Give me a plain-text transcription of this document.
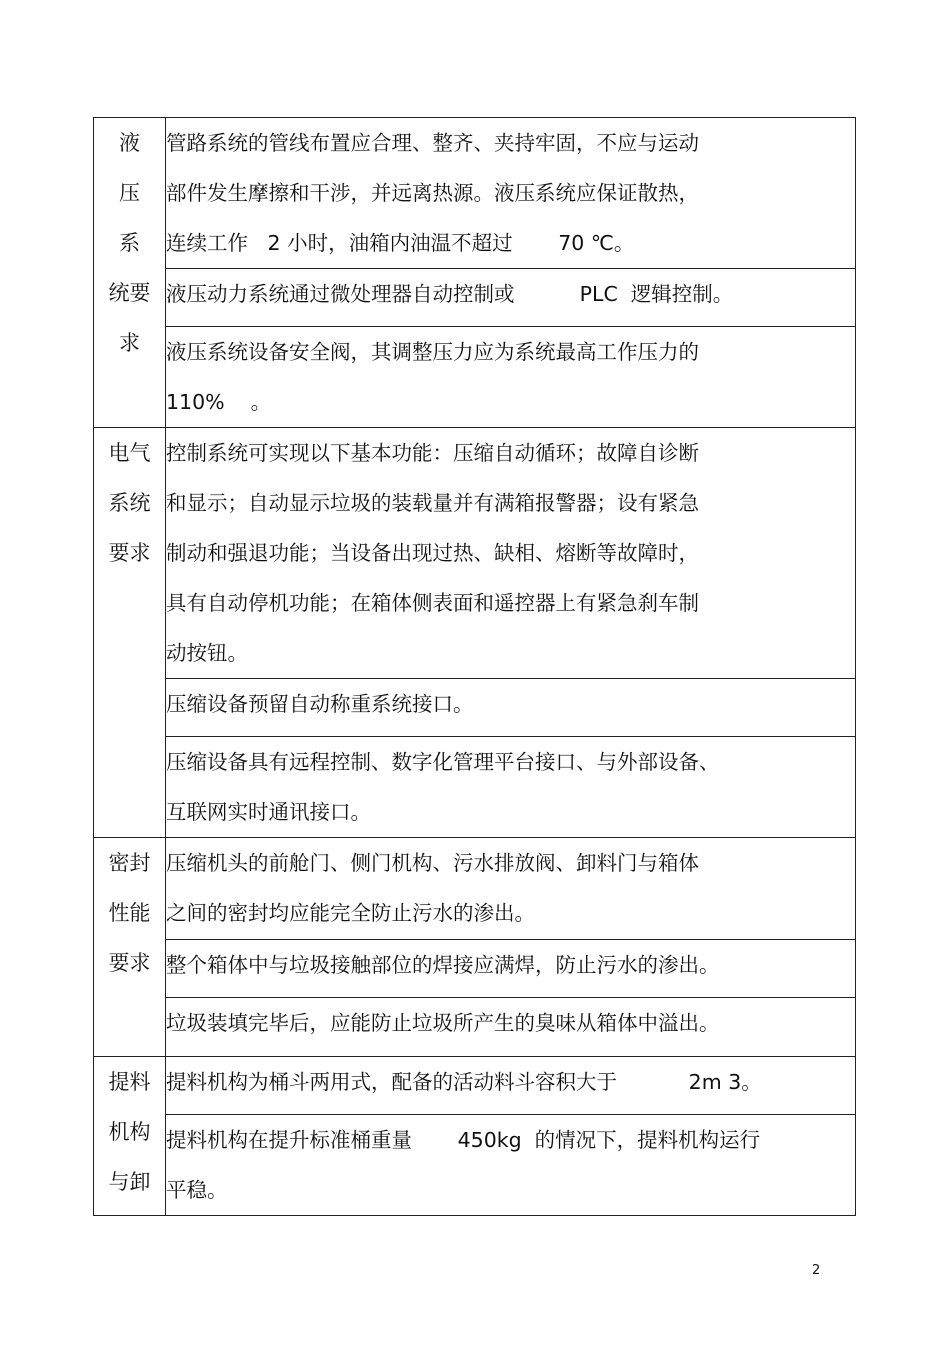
液
压
系
统要
求	管路系统的管线布置应合理、整齐、夹持牢固，不应与运动
部件发生摩擦和干涉，并远离热源。液压系统应保证散热，
连续工作   2 小时，油箱内油温不超过       70 ℃。
	液压动力系统通过微处理器自动控制或          PLC  逻辑控制。
	液压系统设备安全阀，其调整压力应为系统最高工作压力的
110%    。

电气
系统
要求	控制系统可实现以下基本功能：压缩自动循环；故障自诊断
和显示；自动显示垃圾的装载量并有满箱报警器；设有紧急
制动和强退功能；当设备出现过热、缺相、熔断等故障时，
具有自动停机功能；在箱体侧表面和遥控器上有紧急刹车制
动按钮。
	压缩设备预留自动称重系统接口。
	压缩设备具有远程控制、数字化管理平台接口、与外部设备、
互联网实时通讯接口。

密封
性能
要求	压缩机头的前舱门、侧门机构、污水排放阀、卸料门与箱体
之间的密封均应能完全防止污水的渗出。
	整个箱体中与垃圾接触部位的焊接应满焊，防止污水的渗出。
	垃圾装填完毕后，应能防止垃圾所产生的臭味从箱体中溢出。

提料
机构
与卸	提料机构为桶斗两用式，配备的活动料斗容积大于           2m 3。
	提料机构在提升标准桶重量       450kg  的情况下，提料机构运行
平稳。
2
